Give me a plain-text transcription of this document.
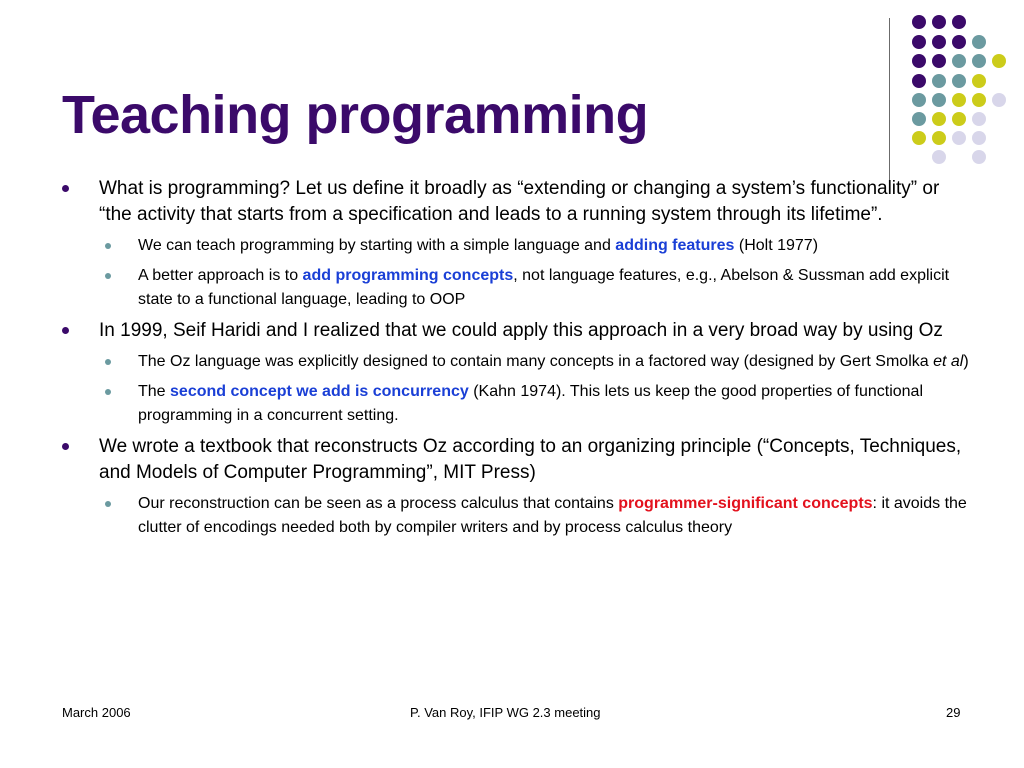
Teaching programming
What is programming? Let us define it broadly as “extending or changing a system’s functionality” or “the activity that starts from a specification and leads to a running system through its lifetime”.
We can teach programming by starting with a simple language and adding features (Holt 1977)
A better approach is to add programming concepts, not language features, e.g., Abelson & Sussman add explicit state to a functional language, leading to OOP
In 1999, Seif Haridi and I realized that we could apply this approach in a very broad way by using Oz
The Oz language was explicitly designed to contain many concepts in a factored way (designed by Gert Smolka et al)
The second concept we add is concurrency (Kahn 1974). This lets us keep the good properties of functional programming in a concurrent setting.
We wrote a textbook that reconstructs Oz according to an organizing principle (“Concepts, Techniques, and Models of Computer Programming”, MIT Press)
Our reconstruction can be seen as a process calculus that contains programmer-significant concepts: it avoids the clutter of encodings needed both by compiler writers and by process calculus theory
March 2006	P. Van Roy, IFIP WG 2.3 meeting	29
